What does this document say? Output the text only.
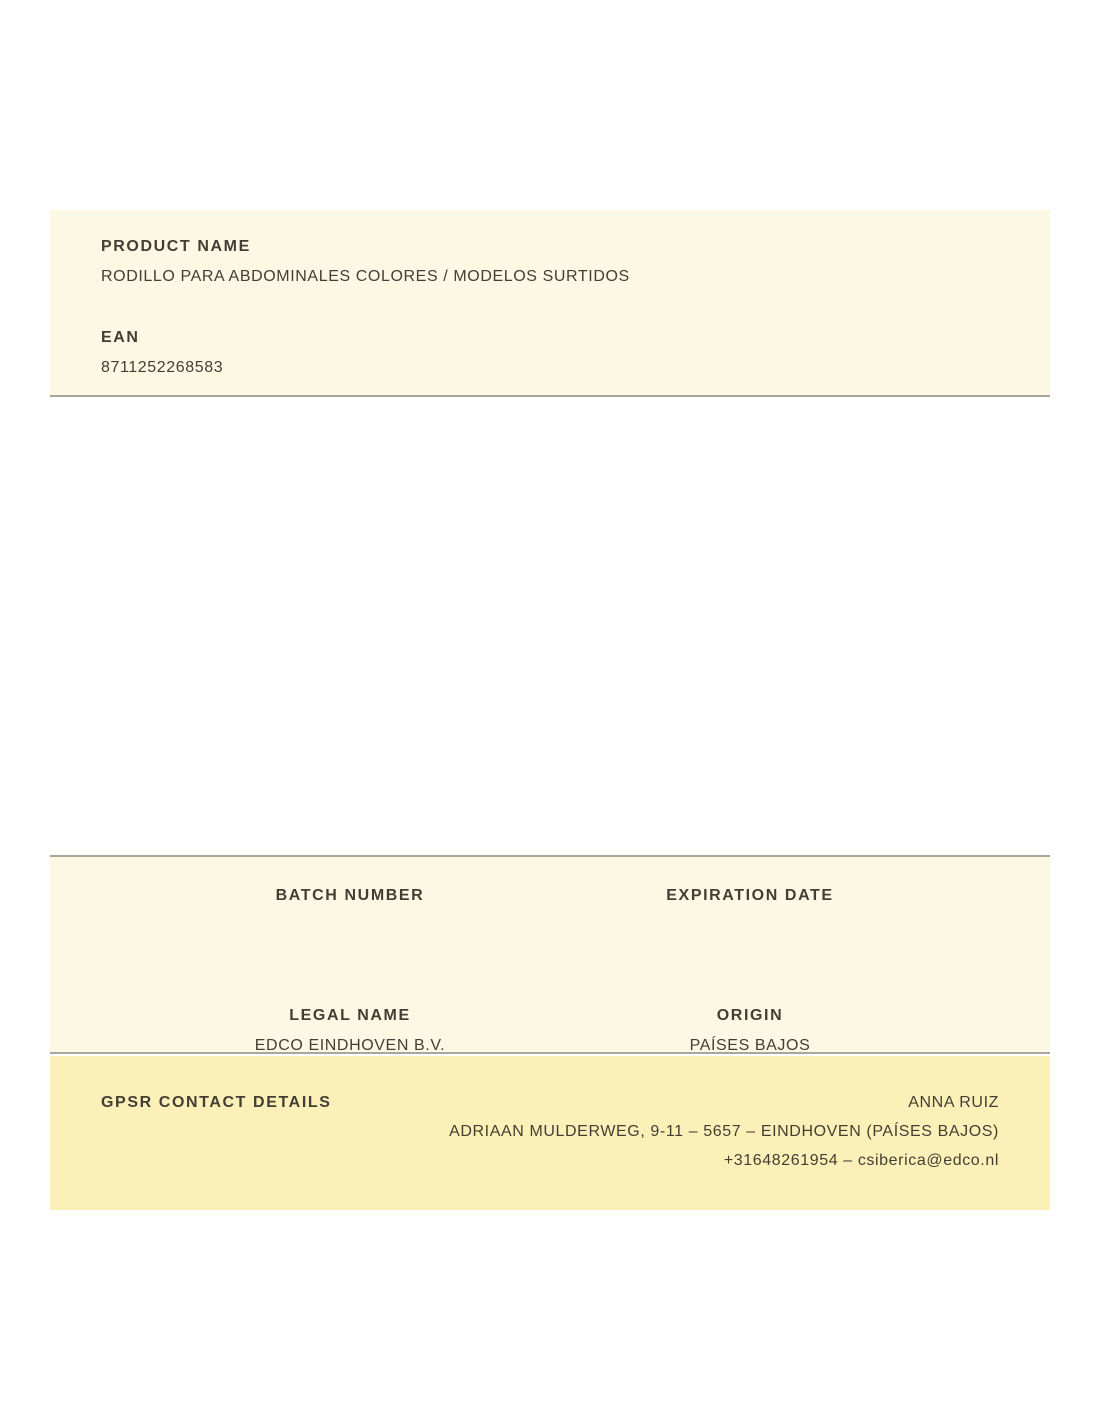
PRODUCT NAME
RODILLO PARA ABDOMINALES COLORES / MODELOS SURTIDOS
EAN
8711252268583
BATCH NUMBER	EXPIRATION DATE
LEGAL NAME
EDCO EINDHOVEN B.V.
ORIGIN
PAÍSES BAJOS
GPSR CONTACT DETAILS	ANNA RUIZ
ADRIAAN MULDERWEG, 9-11 – 5657 – EINDHOVEN (PAÍSES BAJOS)
+31648261954 – csiberica@edco.nl
